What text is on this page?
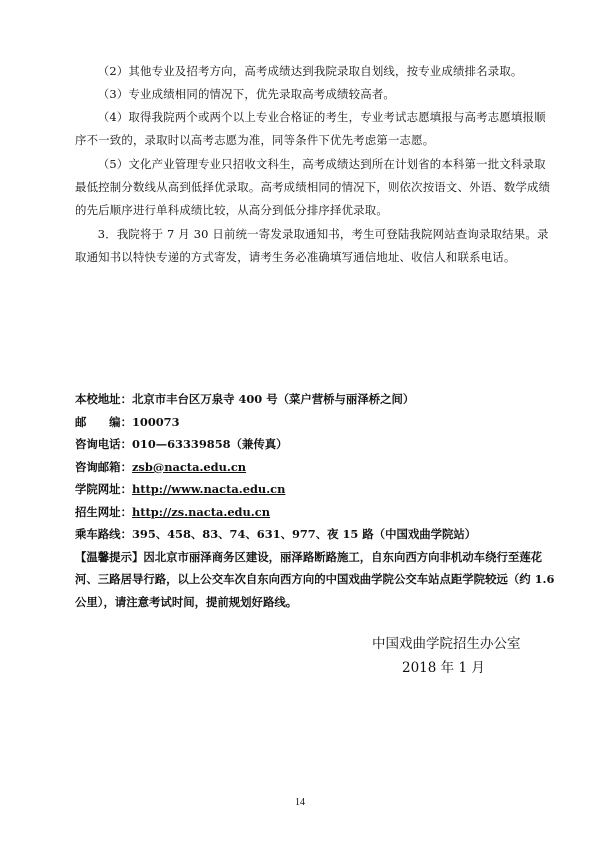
（2）其他专业及招考方向，高考成绩达到我院录取自划线，按专业成绩排名录取。

（3）专业成绩相同的情况下，优先录取高考成绩较高者。

（4）取得我院两个或两个以上专业合格证的考生，专业考试志愿填报与高考志愿填报顺序不一致的，录取时以高考志愿为准，同等条件下优先考虑第一志愿。

（5）文化产业管理专业只招收文科生，高考成绩达到所在计划省的本科第一批文科录取最低控制分数线从高到低择优录取。高考成绩相同的情况下，则依次按语文、外语、数学成绩的先后顺序进行单科成绩比较，从高分到低分排序择优录取。

3．我院将于 7 月 30 日前统一寄发录取通知书，考生可登陆我院网站查询录取结果。录取通知书以特快专递的方式寄发，请考生务必准确填写通信地址、收信人和联系电话。

本校地址：北京市丰台区万泉寺 400 号（菜户营桥与丽泽桥之间）
邮　　编：100073
咨询电话：010—63339858（兼传真）
咨询邮箱：zsb@nacta.edu.cn
学院网址：http://www.nacta.edu.cn
招生网址：http://zs.nacta.edu.cn
乘车路线：395、458、83、74、631、977、夜 15 路（中国戏曲学院站）

【温馨提示】因北京市丽泽商务区建设，丽泽路断路施工，自东向西方向非机动车绕行至莲花河、三路居导行路，以上公交车次自东向西方向的中国戏曲学院公交车站点距学院较远（约 1.6 公里），请注意考试时间，提前规划好路线。

中国戏曲学院招生办公室
2018 年 1 月
14
